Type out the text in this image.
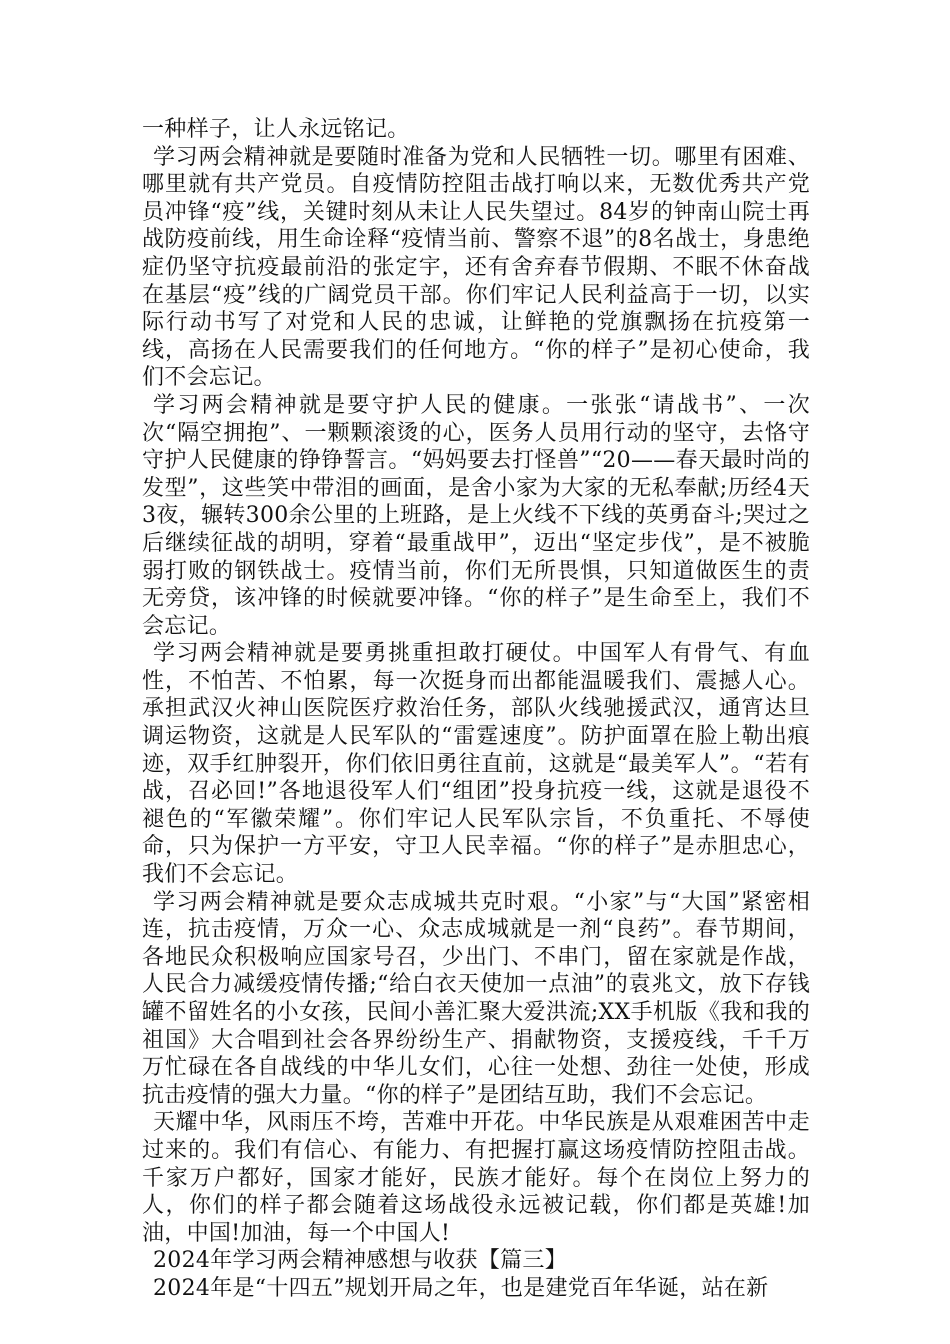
一种样子，让人永远铭记。

学习两会精神就是要随时准备为党和人民牺牲一切。哪里有困难、哪里就有共产党员。自疫情防控阻击战打响以来，无数优秀共产党员冲锋“疫”线，关键时刻从未让人民失望过。84岁的钟南山院士再战防疫前线，用生命诠释“疫情当前、警察不退”的8名战士，身患绝症仍坚守抗疫最前沿的张定宇，还有舍弃春节假期、不眠不休奋战在基层“疫”线的广阔党员干部。你们牢记人民利益高于一切，以实际行动书写了对党和人民的忠诚，让鲜艳的党旗飘扬在抗疫第一线，高扬在人民需要我们的任何地方。“你的样子”是初心使命，我们不会忘记。

学习两会精神就是要守护人民的健康。一张张“请战书”、一次次“隔空拥抱”、一颗颗滚烫的心，医务人员用行动的坚守，去恪守守护人民健康的铮铮誓言。“妈妈要去打怪兽”“20——春天最时尚的发型”，这些笑中带泪的画面，是舍小家为大家的无私奉献;历经4天3夜，辗转300余公里的上班路，是上火线不下线的英勇奋斗;哭过之后继续征战的胡明，穿着“最重战甲”，迈出“坚定步伐”，是不被脆弱打败的钢铁战士。疫情当前，你们无所畏惧，只知道做医生的责无旁贷，该冲锋的时候就要冲锋。“你的样子”是生命至上，我们不会忘记。

学习两会精神就是要勇挑重担敢打硬仗。中国军人有骨气、有血性，不怕苦、不怕累，每一次挺身而出都能温暖我们、震撼人心。承担武汉火神山医院医疗救治任务，部队火线驰援武汉，通宵达旦调运物资，这就是人民军队的“雷霆速度”。防护面罩在脸上勒出痕迹，双手红肿裂开，你们依旧勇往直前，这就是“最美军人”。“若有战，召必回!”各地退役军人们“组团”投身抗疫一线，这就是退役不褪色的“军徽荣耀”。你们牢记人民军队宗旨，不负重托、不辱使命，只为保护一方平安，守卫人民幸福。“你的样子”是赤胆忠心，我们不会忘记。

学习两会精神就是要众志成城共克时艰。“小家”与“大国”紧密相连，抗击疫情，万众一心、众志成城就是一剂“良药”。春节期间，各地民众积极响应国家号召，少出门、不串门，留在家就是作战，人民合力减缓疫情传播;“给白衣天使加一点油”的袁兆文，放下存钱罐不留姓名的小女孩，民间小善汇聚大爱洪流;XX手机版《我和我的祖国》大合唱到社会各界纷纷生产、捐献物资，支援疫线，千千万万忙碌在各自战线的中华儿女们，心往一处想、劲往一处使，形成抗击疫情的强大力量。“你的样子”是团结互助，我们不会忘记。

天耀中华，风雨压不垮，苦难中开花。中华民族是从艰难困苦中走过来的。我们有信心、有能力、有把握打赢这场疫情防控阻击战。千家万户都好，国家才能好，民族才能好。每个在岗位上努力的人，你们的样子都会随着这场战役永远被记载，你们都是英雄!加油，中国!加油，每一个中国人!

2024年学习两会精神感想与收获【篇三】

2024年是“十四五”规划开局之年，也是建党百年华诞，站在新
